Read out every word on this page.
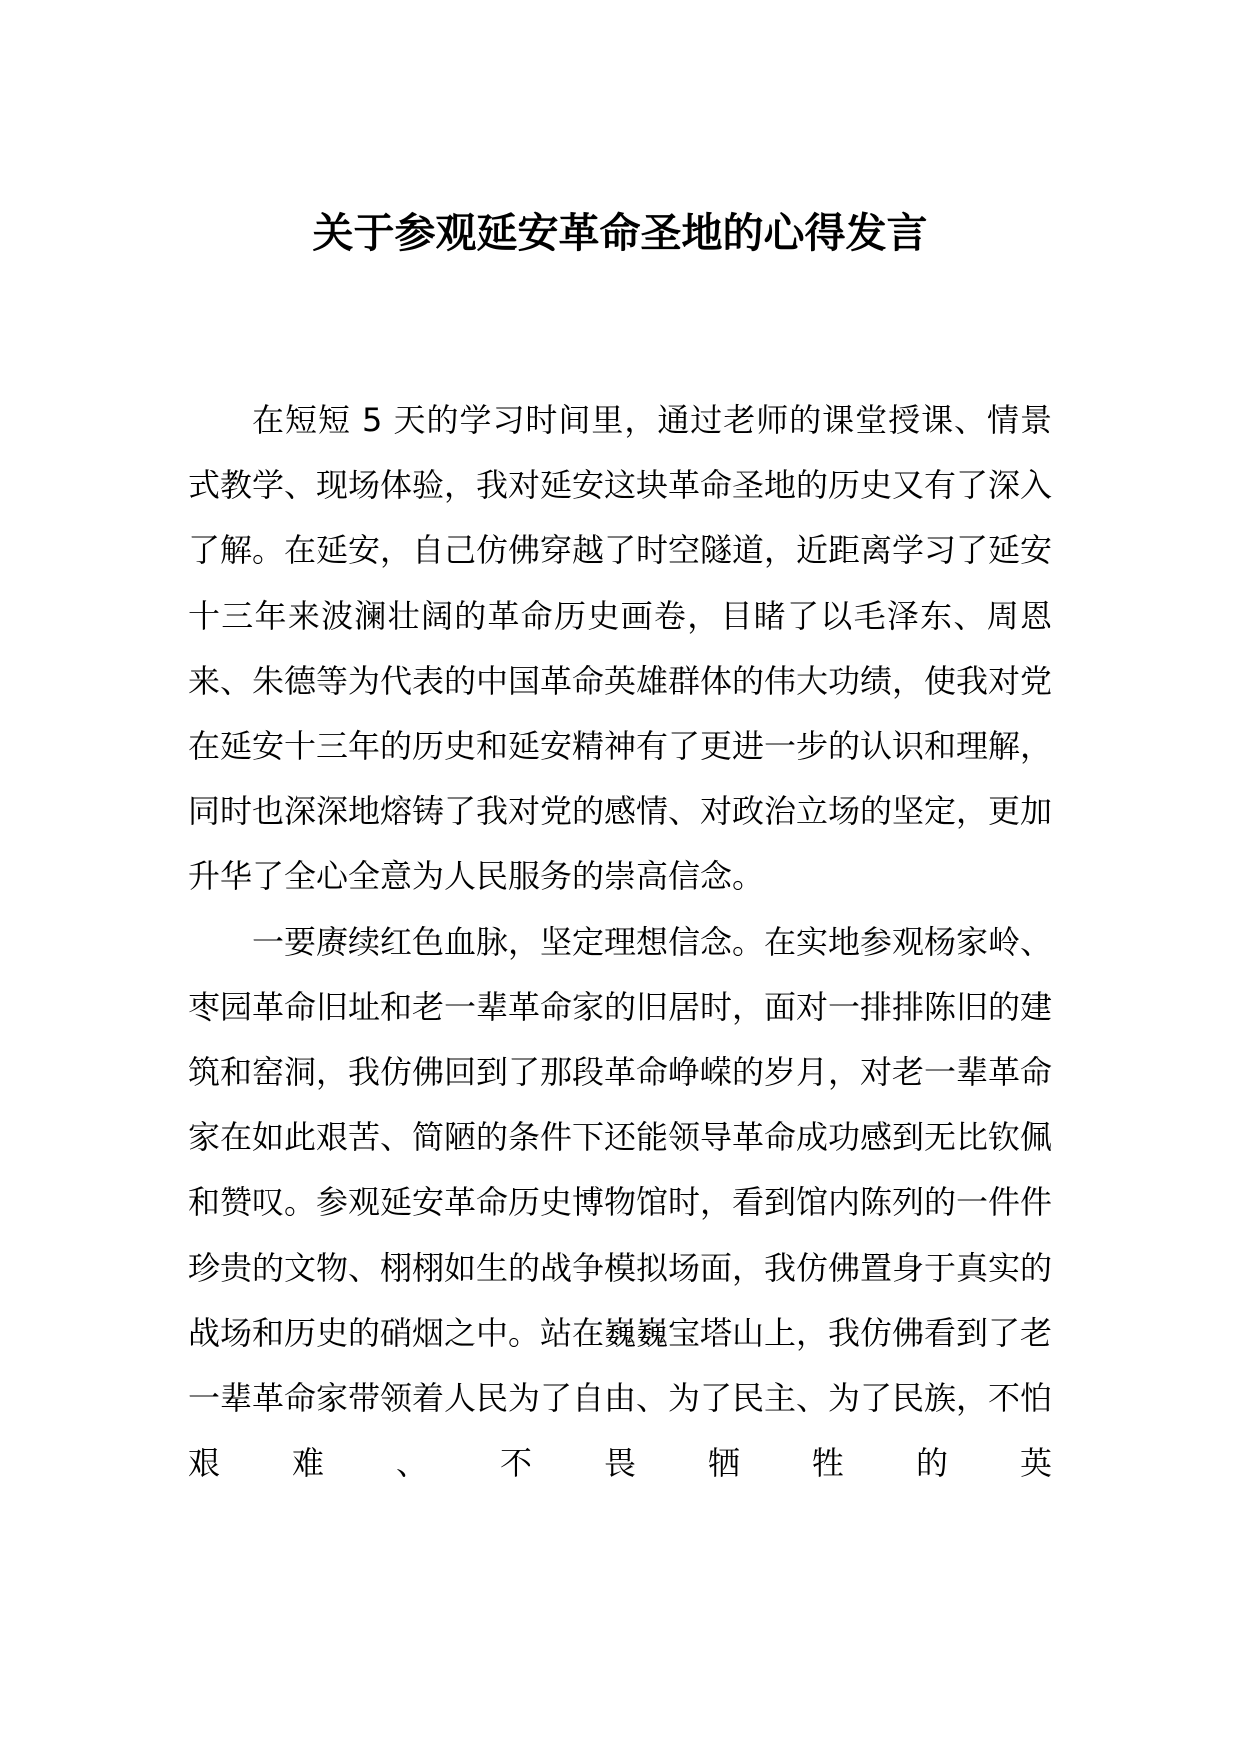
关于参观延安革命圣地的心得发言

在短短 5 天的学习时间里，通过老师的课堂授课、情景式教学、现场体验，我对延安这块革命圣地的历史又有了深入了解。在延安，自己仿佛穿越了时空隧道，近距离学习了延安十三年来波澜壮阔的革命历史画卷，目睹了以毛泽东、周恩来、朱德等为代表的中国革命英雄群体的伟大功绩，使我对党在延安十三年的历史和延安精神有了更进一步的认识和理解，同时也深深地熔铸了我对党的感情、对政治立场的坚定，更加升华了全心全意为人民服务的崇高信念。

一要赓续红色血脉，坚定理想信念。在实地参观杨家岭、枣园革命旧址和老一辈革命家的旧居时，面对一排排陈旧的建筑和窑洞，我仿佛回到了那段革命峥嵘的岁月，对老一辈革命家在如此艰苦、简陋的条件下还能领导革命成功感到无比钦佩和赞叹。参观延安革命历史博物馆时，看到馆内陈列的一件件珍贵的文物、栩栩如生的战争模拟场面，我仿佛置身于真实的战场和历史的硝烟之中。站在巍巍宝塔山上，我仿佛看到了老一辈革命家带领着人民为了自由、为了民主、为了民族，不怕艰难、不畏牺牲的英
